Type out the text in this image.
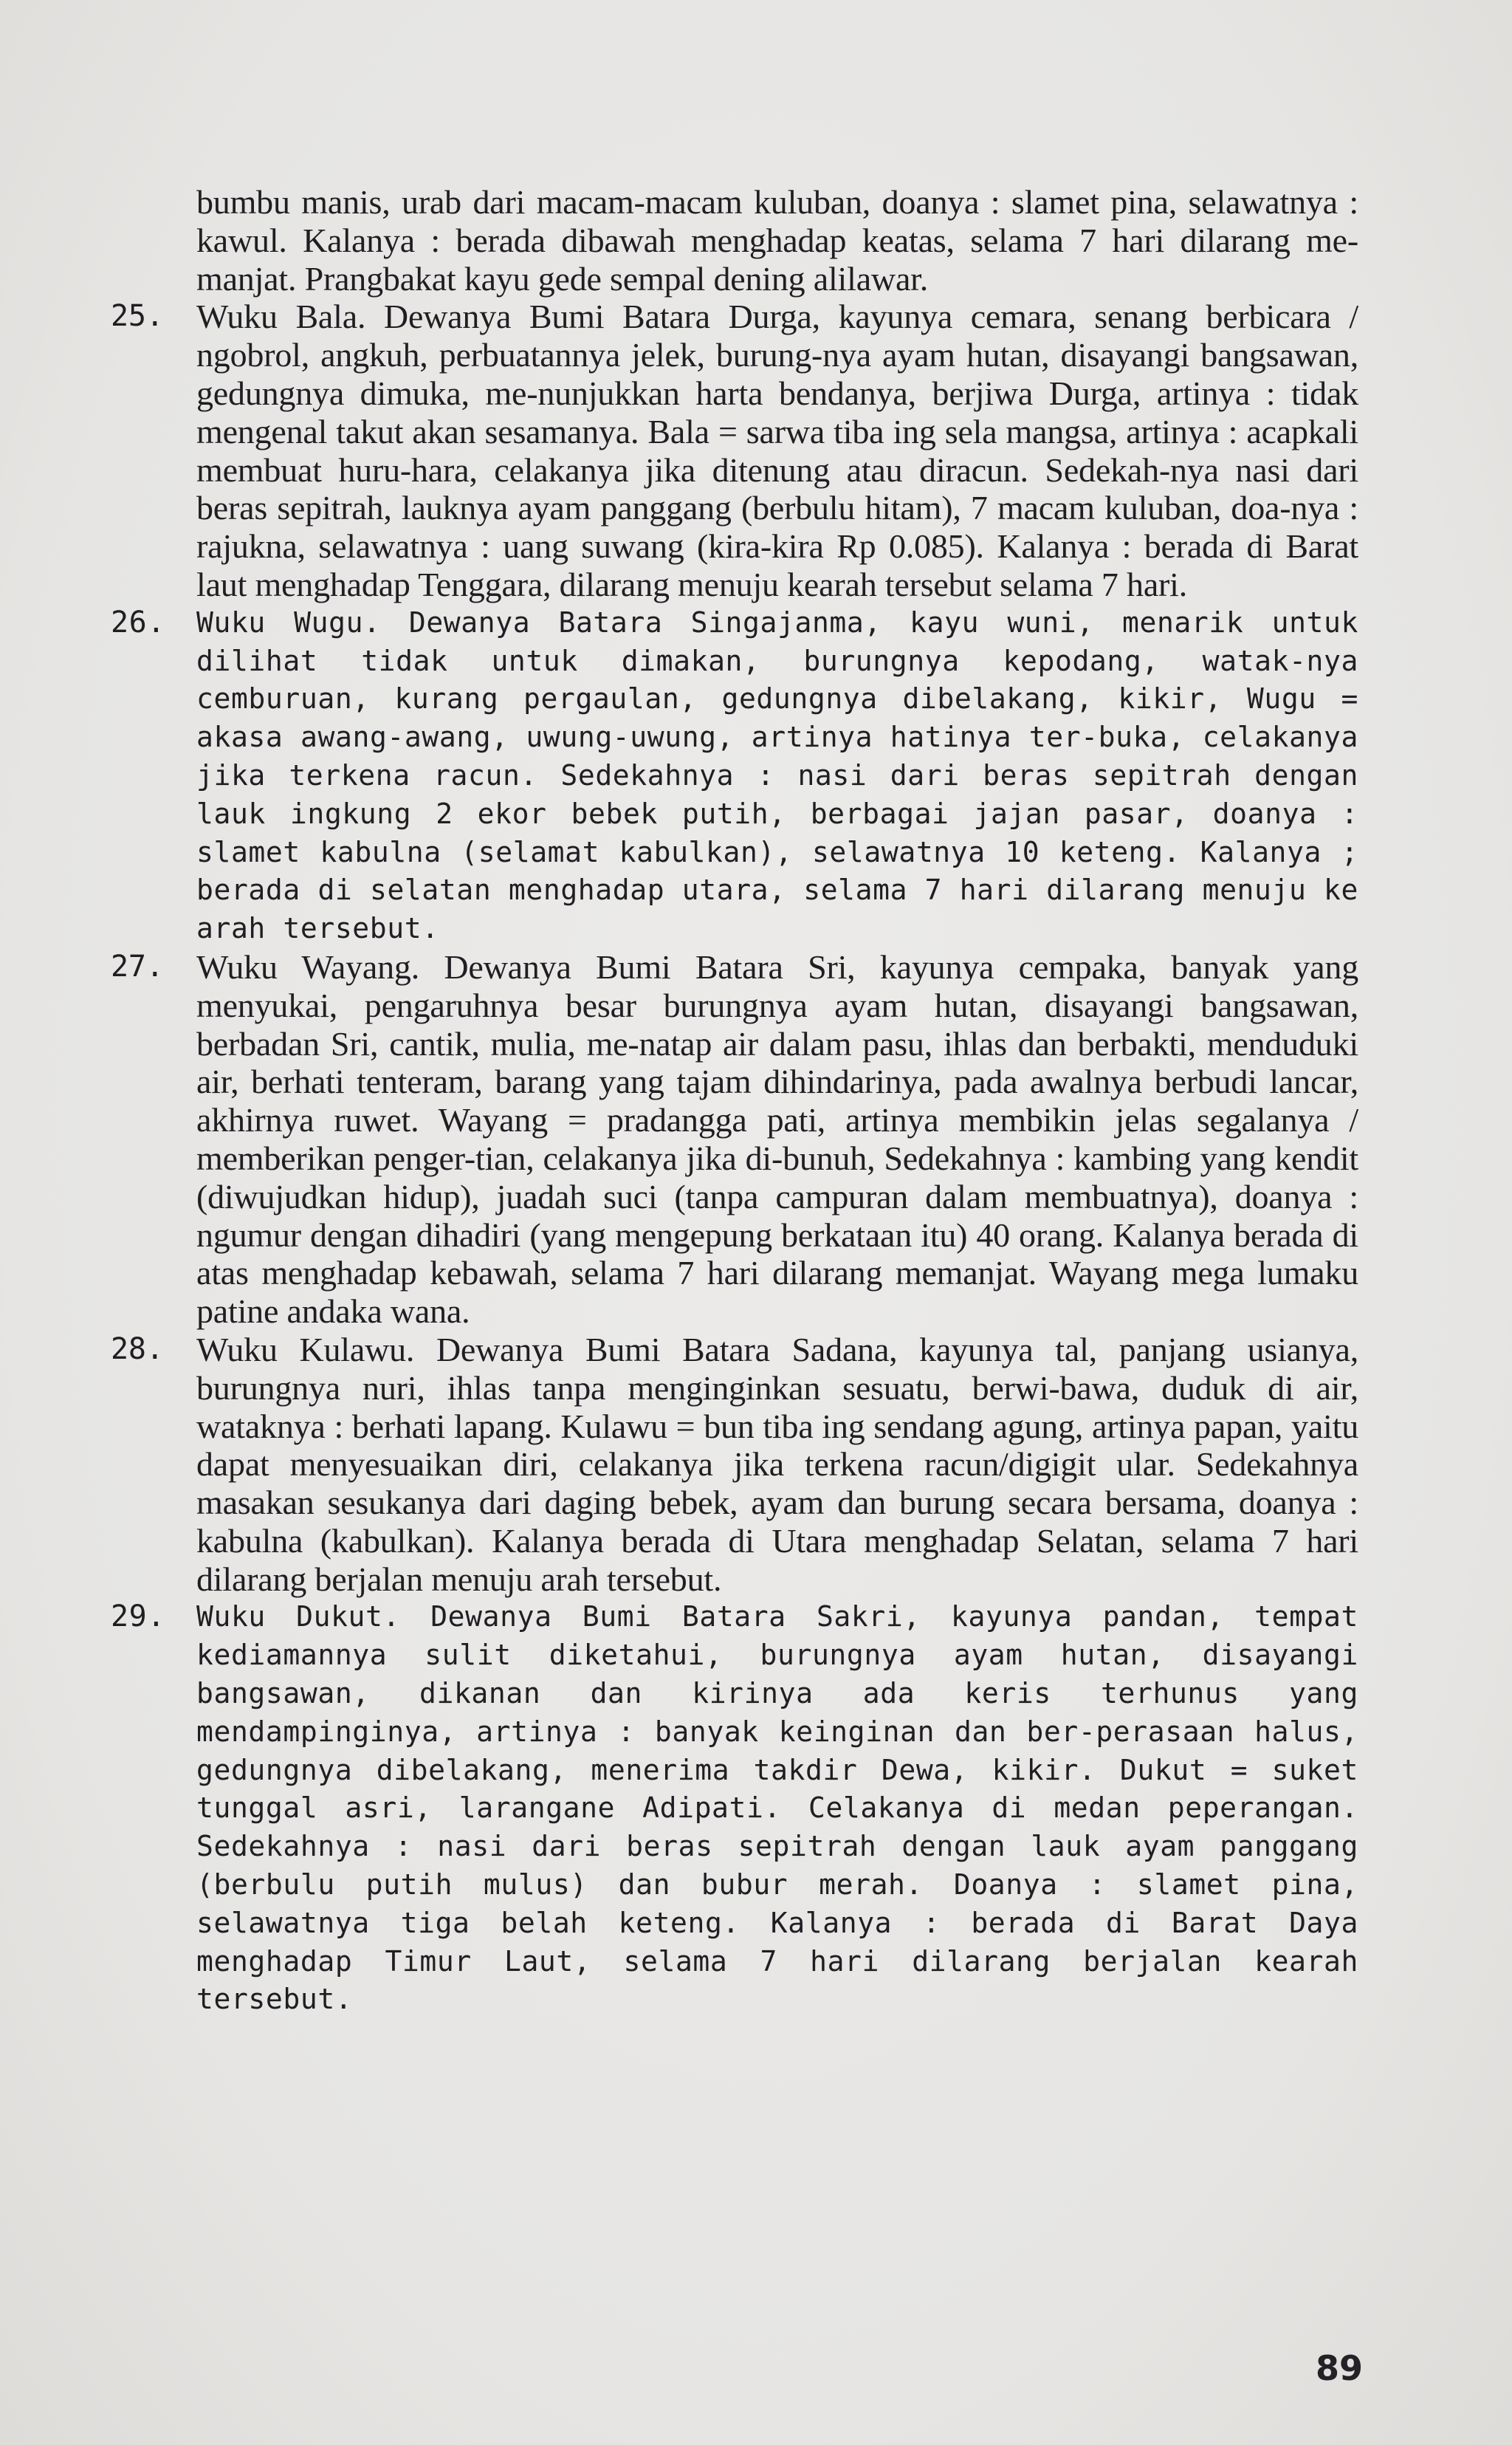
bumbu manis, urab dari macam-macam kuluban, doanya : slamet pina, selawatnya : kawul. Kalanya : berada dibawah menghadap keatas, selama 7 hari dilarang me-manjat. Prangbakat kayu gede sempal dening alilawar.

25. Wuku Bala. Dewanya Bumi Batara Durga, kayunya cemara, senang berbicara / ngobrol, angkuh, perbuatannya jelek, burung-nya ayam hutan, disayangi bangsawan, gedungnya dimuka, me-nunjukkan harta bendanya, berjiwa Durga, artinya : tidak mengenal takut akan sesamanya. Bala = sarwa tiba ing sela mangsa, artinya : acapkali membuat huru-hara, celakanya jika ditenung atau diracun. Sedekah-nya nasi dari beras sepitrah, lauknya ayam panggang (berbulu hitam), 7 macam kuluban, doa-nya : rajukna, selawatnya : uang suwang (kira-kira Rp 0.085). Kalanya : berada di Barat laut menghadap Tenggara, dilarang menuju kearah tersebut selama 7 hari.
26. Wuku Wugu. Dewanya Batara Singajanma, kayu wuni, menarik untuk dilihat tidak untuk dimakan, burungnya kepodang, watak-nya cemburuan, kurang pergaulan, gedungnya dibelakang, kikir, Wugu = akasa awang-awang, uwung-uwung, artinya hatinya ter-buka, celakanya jika terkena racun. Sedekahnya : nasi dari beras sepitrah dengan lauk ingkung 2 ekor bebek putih, berbagai jajan pasar, doanya : slamet kabulna (selamat kabulkan), selawatnya 10 keteng. Kalanya ; berada di selatan menghadap utara, selama 7 hari dilarang menuju ke arah tersebut.
27. Wuku Wayang. Dewanya Bumi Batara Sri, kayunya cempaka, banyak yang menyukai, pengaruhnya besar burungnya ayam hutan, disayangi bangsawan, berbadan Sri, cantik, mulia, me-natap air dalam pasu, ihlas dan berbakti, menduduki air, berhati tenteram, barang yang tajam dihindarinya, pada awalnya berbudi lancar, akhirnya ruwet. Wayang = pradangga pati, artinya membikin jelas segalanya / memberikan penger-tian, celakanya jika di-bunuh, Sedekahnya : kambing yang kendit (diwujudkan hidup), juadah suci (tanpa campuran dalam membuatnya), doanya : ngumur dengan dihadiri (yang mengepung berkataan itu) 40 orang. Kalanya berada di atas menghadap kebawah, selama 7 hari dilarang memanjat. Wayang mega lumaku patine andaka wana.
28. Wuku Kulawu. Dewanya Bumi Batara Sadana, kayunya tal, panjang usianya, burungnya nuri, ihlas tanpa menginginkan sesuatu, berwi-bawa, duduk di air, wataknya : berhati lapang. Kulawu = bun tiba ing sendang agung, artinya papan, yaitu dapat menyesuaikan diri, celakanya jika terkena racun/digigit ular. Sedekahnya masakan sesukanya dari daging bebek, ayam dan burung secara bersama, doanya : kabulna (kabulkan). Kalanya berada di Utara menghadap Selatan, selama 7 hari dilarang berjalan menuju arah tersebut.
29. Wuku Dukut. Dewanya Bumi Batara Sakri, kayunya pandan, tempat kediamannya sulit diketahui, burungnya ayam hutan, disayangi bangsawan, dikanan dan kirinya ada keris terhunus yang mendampinginya, artinya : banyak keinginan dan ber-perasaan halus, gedungnya dibelakang, menerima takdir Dewa, kikir. Dukut = suket tunggal asri, larangane Adipati. Celakanya di medan peperangan. Sedekahnya : nasi dari beras sepitrah dengan lauk ayam panggang (berbulu putih mulus) dan bubur merah. Doanya : slamet pina, selawatnya tiga belah keteng. Kalanya : berada di Barat Daya menghadap Timur Laut, selama 7 hari dilarang berjalan kearah tersebut.
89
